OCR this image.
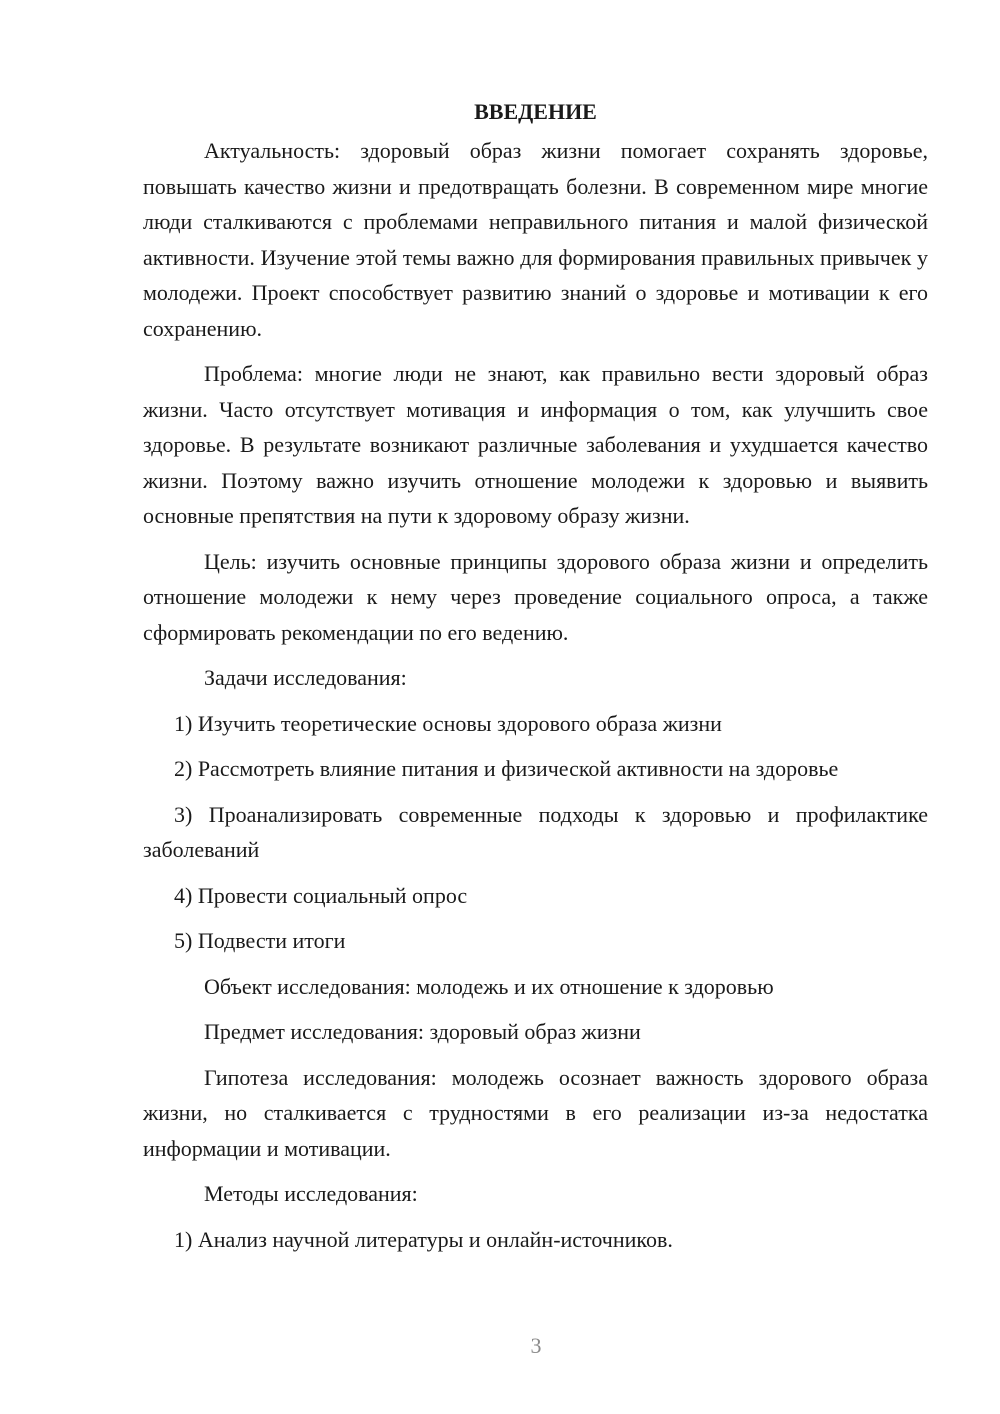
ВВЕДЕНИЕ

Актуальность: здоровый образ жизни помогает сохранять здоровье, повышать качество жизни и предотвращать болезни. В современном мире многие люди сталкиваются с проблемами неправильного питания и малой физической активности. Изучение этой темы важно для формирования правильных привычек у молодежи. Проект способствует развитию знаний о здоровье и мотивации к его сохранению.

Проблема: многие люди не знают, как правильно вести здоровый образ жизни. Часто отсутствует мотивация и информация о том, как улучшить свое здоровье. В результате возникают различные заболевания и ухудшается качество жизни. Поэтому важно изучить отношение молодежи к здоровью и выявить основные препятствия на пути к здоровому образу жизни.

Цель: изучить основные принципы здорового образа жизни и определить отношение молодежи к нему через проведение социального опроса, а также сформировать рекомендации по его ведению.

Задачи исследования:

1) Изучить теоретические основы здорового образа жизни

2) Рассмотреть влияние питания и физической активности на здоровье

3) Проанализировать современные подходы к здоровью и профилактике заболеваний

4) Провести социальный опрос

5) Подвести итоги

Объект исследования: молодежь и их отношение к здоровью

Предмет исследования: здоровый образ жизни

Гипотеза исследования: молодежь осознает важность здорового образа жизни, но сталкивается с трудностями в его реализации из-за недостатка информации и мотивации.

Методы исследования:

1) Анализ научной литературы и онлайн-источников.

3
